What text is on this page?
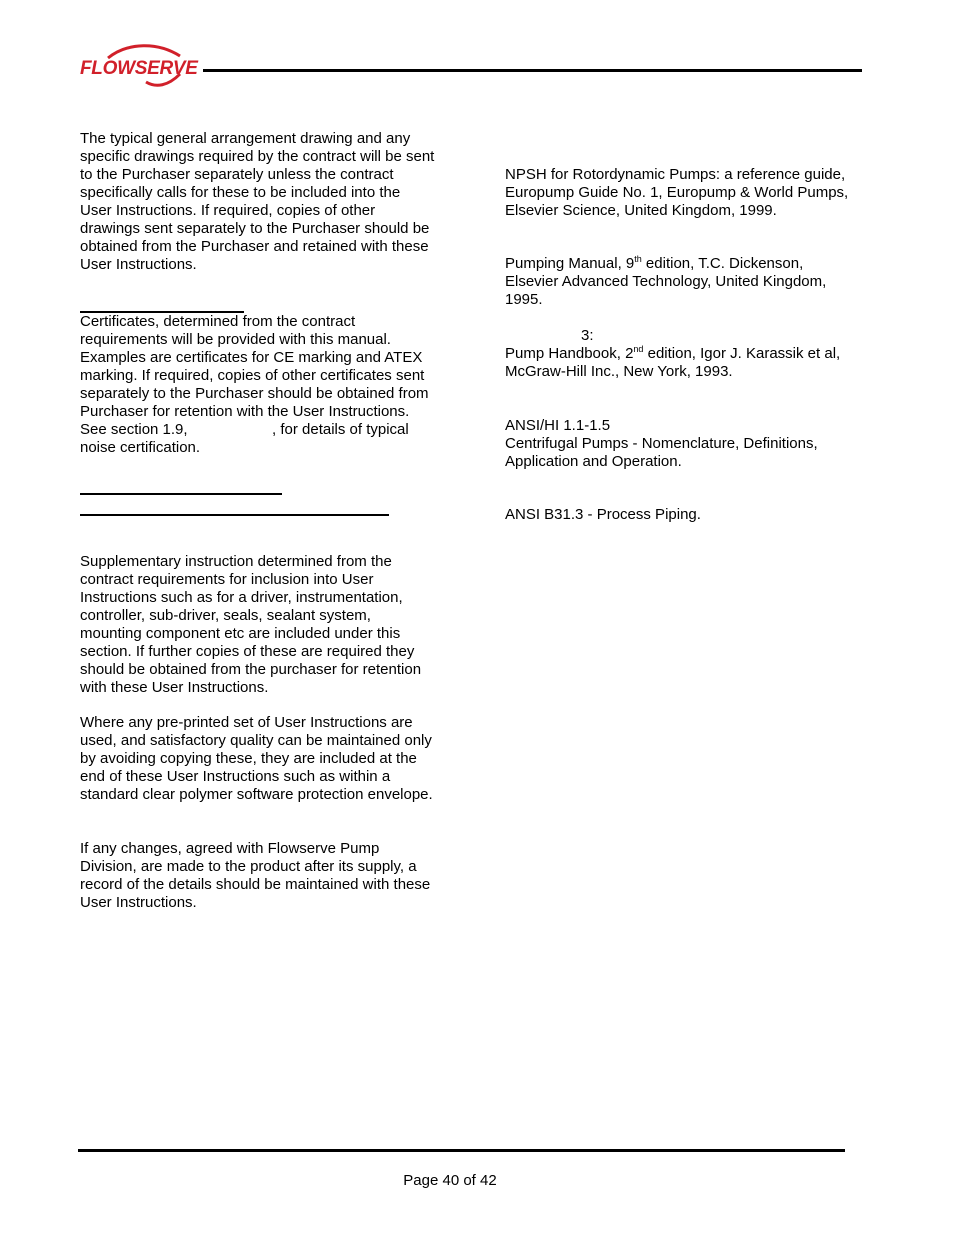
FLOWSERVE
The typical general arrangement drawing and any
specific drawings required by the contract will be sent
to the Purchaser separately unless the contract
specifically calls for these to be included into the
User Instructions. If required, copies of other
drawings sent separately to the Purchaser should be
obtained from the Purchaser and retained with these
User Instructions.
Certificates, determined from the contract
requirements will be provided with this manual.
Examples are certificates for CE marking and ATEX
marking. If required, copies of other certificates sent
separately to the Purchaser should be obtained from
Purchaser for retention with the User Instructions.
See section 1.9,	, for details of typical
noise certification.
Supplementary instruction determined from the
contract requirements for inclusion into User
Instructions such as for a driver, instrumentation,
controller, sub-driver, seals, sealant system,
mounting component etc are included under this
section. If further copies of these are required they
should be obtained from the purchaser for retention
with these User Instructions.
Where any pre-printed set of User Instructions are
used, and satisfactory quality can be maintained only
by avoiding copying these, they are included at the
end of these User Instructions such as within a
standard clear polymer software protection envelope.
If any changes, agreed with Flowserve Pump
Division, are made to the product after its supply, a
record of the details should be maintained with these
User Instructions.
NPSH for Rotordynamic Pumps: a reference guide,
Europump Guide No. 1, Europump & World Pumps,
Elsevier Science, United Kingdom, 1999.
Pumping Manual, 9th edition, T.C. Dickenson,
Elsevier Advanced Technology, United Kingdom,
1995.
3:
Pump Handbook, 2nd edition, Igor J. Karassik et al,
McGraw-Hill Inc., New York, 1993.
ANSI/HI 1.1-1.5
Centrifugal Pumps - Nomenclature, Definitions,
Application and Operation.
ANSI B31.3 - Process Piping.
Page 40 of 42
